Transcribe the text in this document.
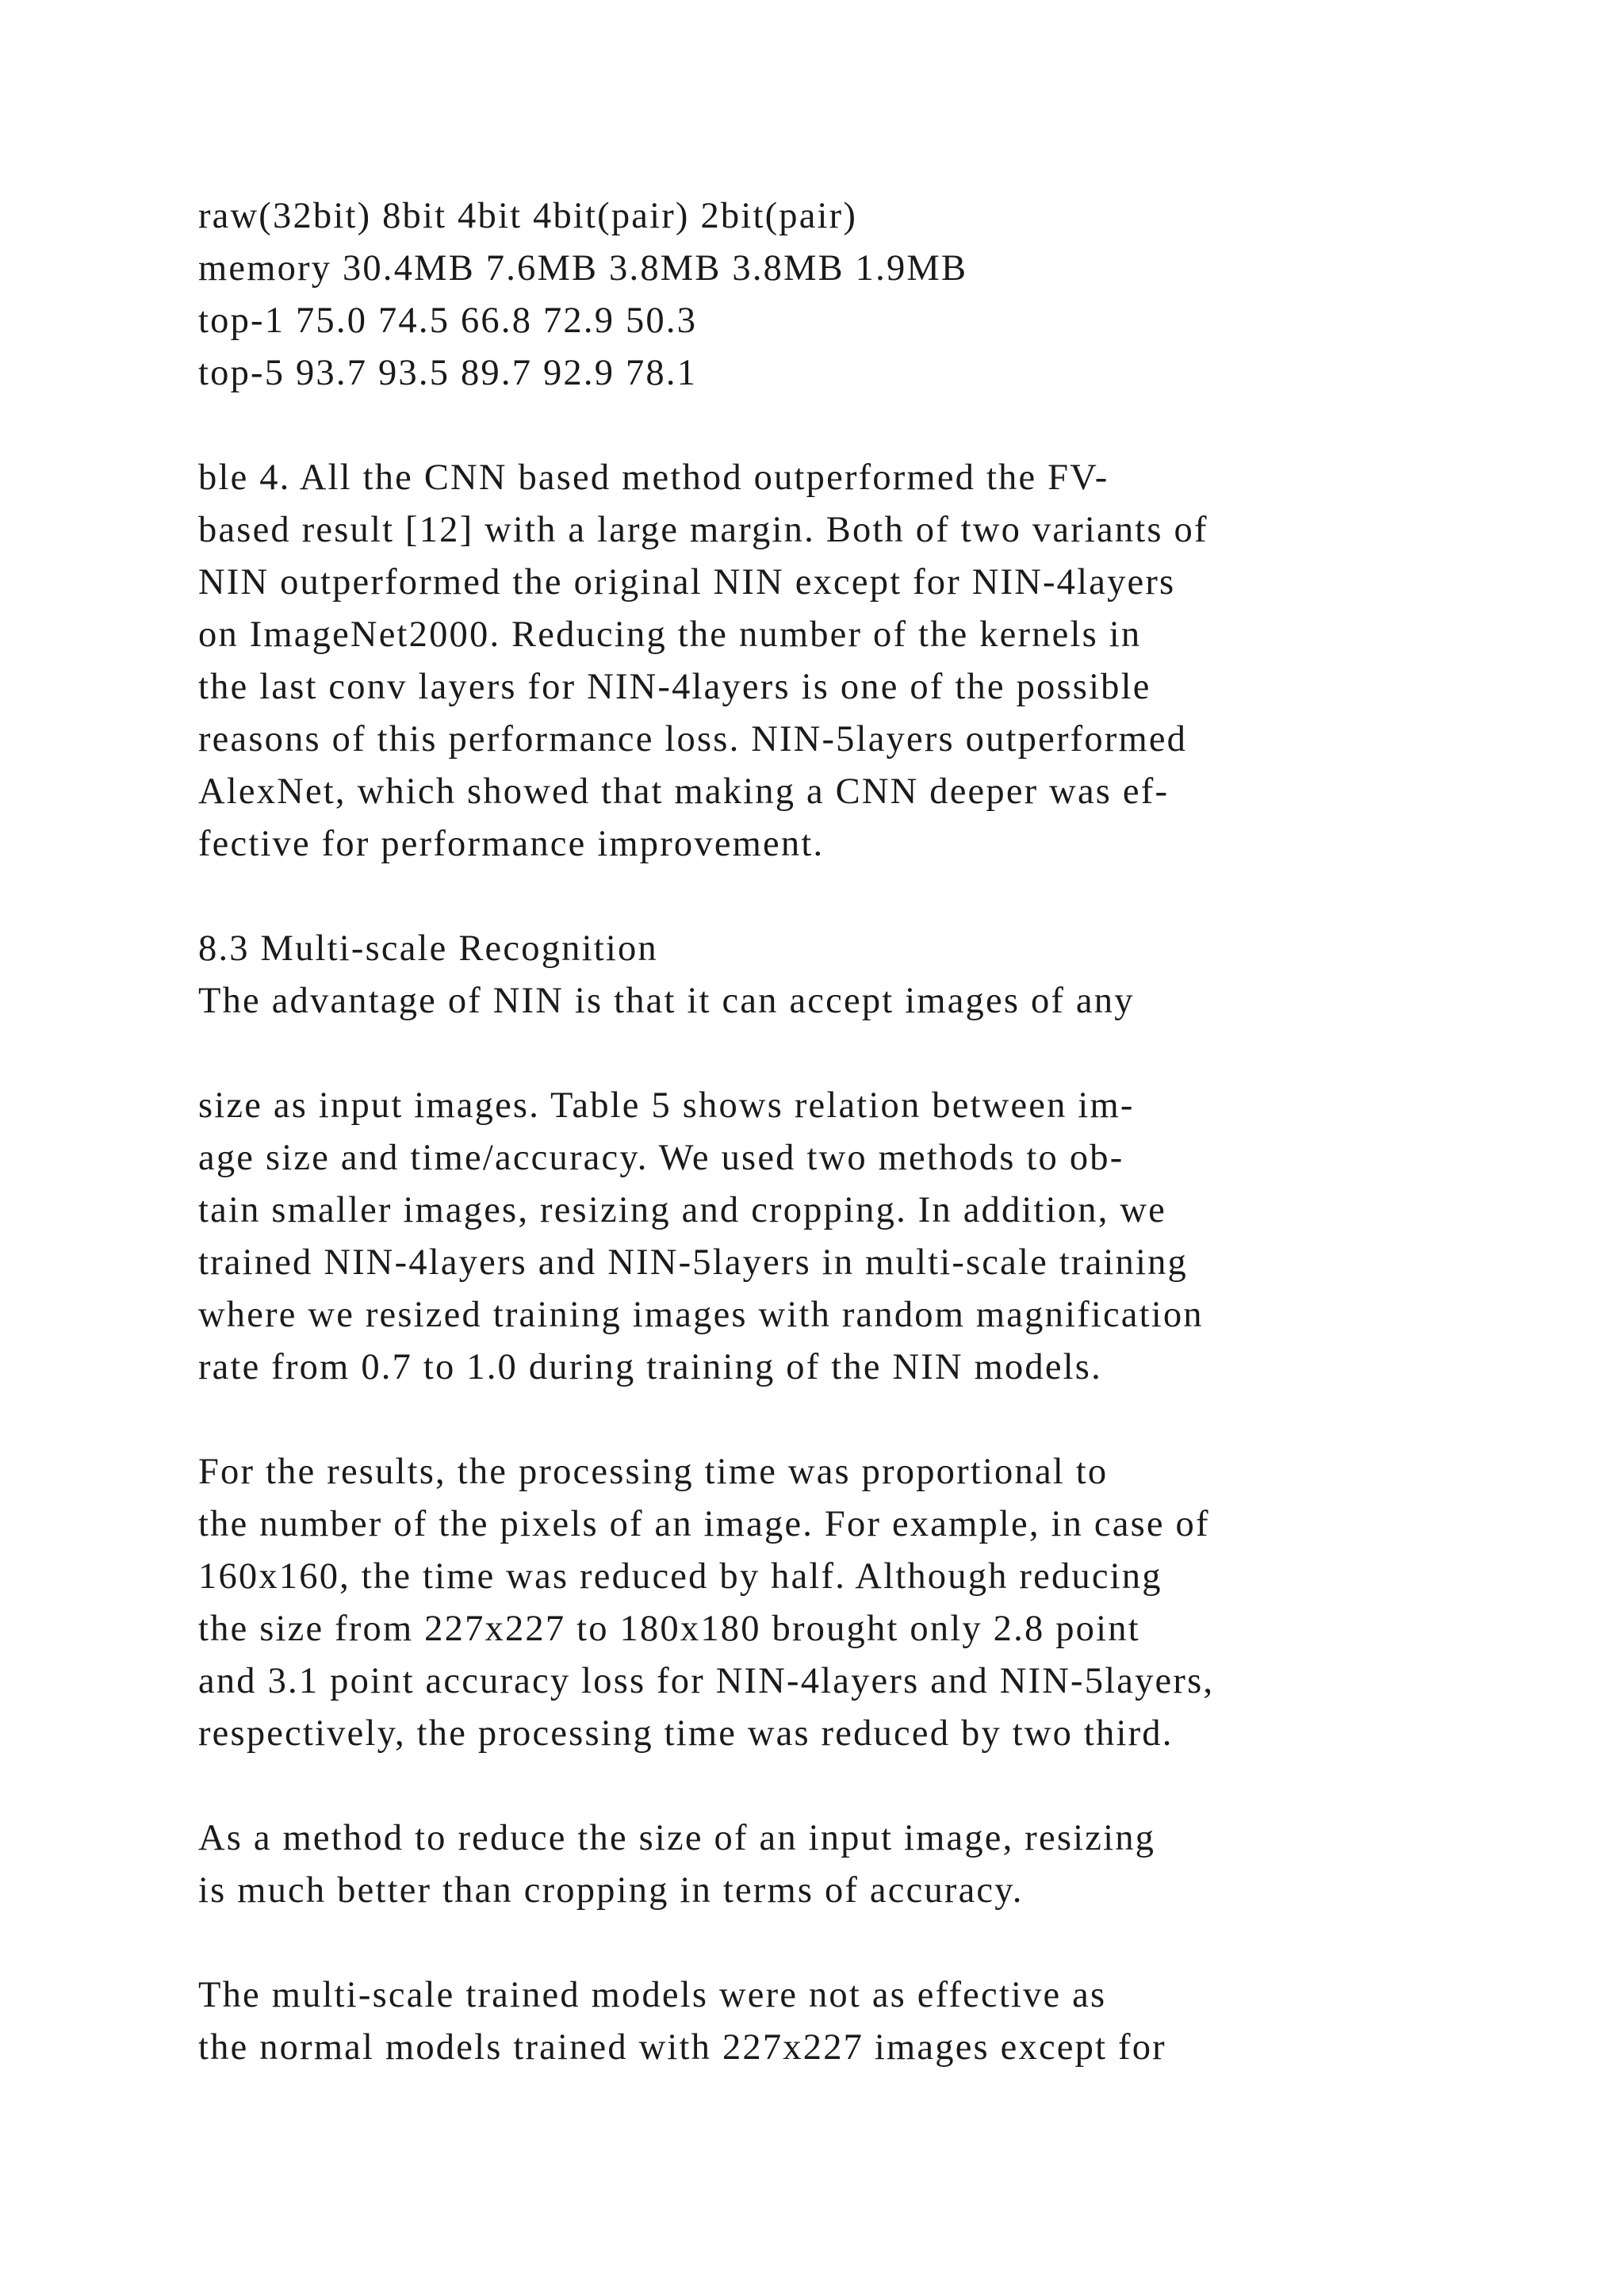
raw(32bit) 8bit 4bit 4bit(pair) 2bit(pair)
memory 30.4MB 7.6MB 3.8MB 3.8MB 1.9MB
top-1 75.0 74.5 66.8 72.9 50.3
top-5 93.7 93.5 89.7 92.9 78.1
ble 4. All the CNN based method outperformed the FV-
based result [12] with a large margin. Both of two variants of
NIN outperformed the original NIN except for NIN-4layers
on ImageNet2000. Reducing the number of the kernels in
the last conv layers for NIN-4layers is one of the possible
reasons of this performance loss. NIN-5layers outperformed
AlexNet, which showed that making a CNN deeper was ef-
fective for performance improvement.
8.3 Multi-scale Recognition
The advantage of NIN is that it can accept images of any
size as input images. Table 5 shows relation between im-
age size and time/accuracy. We used two methods to ob-
tain smaller images, resizing and cropping. In addition, we
trained NIN-4layers and NIN-5layers in multi-scale training
where we resized training images with random magnification
rate from 0.7 to 1.0 during training of the NIN models.
For the results, the processing time was proportional to
the number of the pixels of an image. For example, in case of
160x160, the time was reduced by half. Although reducing
the size from 227x227 to 180x180 brought only 2.8 point
and 3.1 point accuracy loss for NIN-4layers and NIN-5layers,
respectively, the processing time was reduced by two third.
As a method to reduce the size of an input image, resizing
is much better than cropping in terms of accuracy.
The multi-scale trained models were not as effective as
the normal models trained with 227x227 images except for
